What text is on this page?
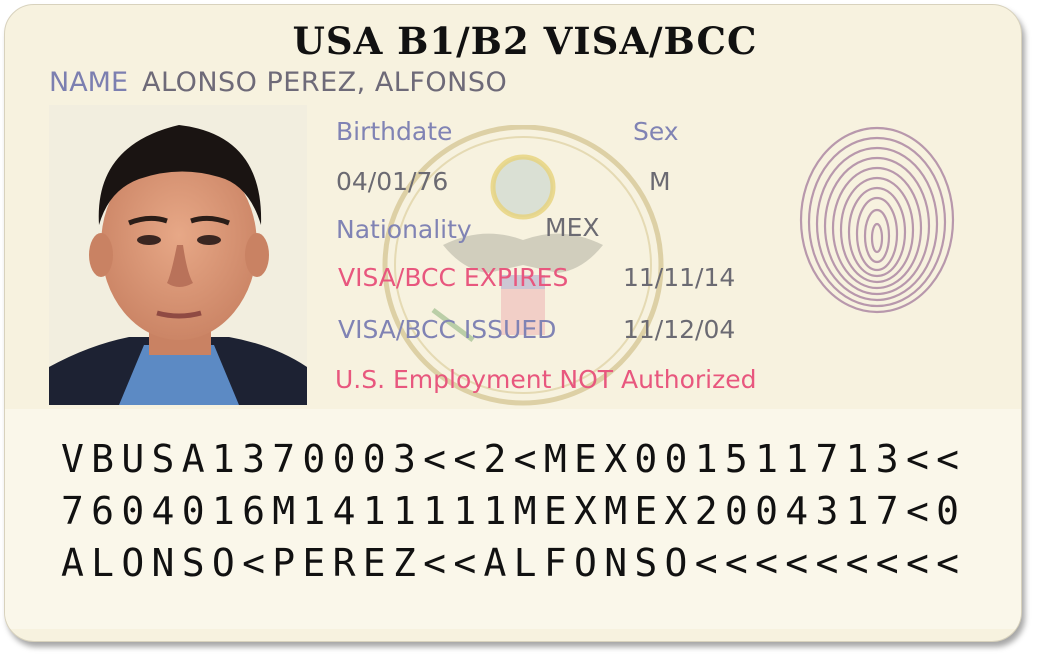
USA B1/B2 VISA/BCC
NAME ALONSO PEREZ, ALFONSO
Birthdate	Sex
04/01/76	M
Nationality	MEX
VISA/BCC EXPIRES 11/11/14
VISA/BCC ISSUED	11/12/04
U.S. Employment NOT Authorized
VBUSA1370003<<2<MEX001511713<<
7604016M1411111MEXMEX2004317<0
ALONSO<PEREZ<<ALFONSO<<<<<<<<<
